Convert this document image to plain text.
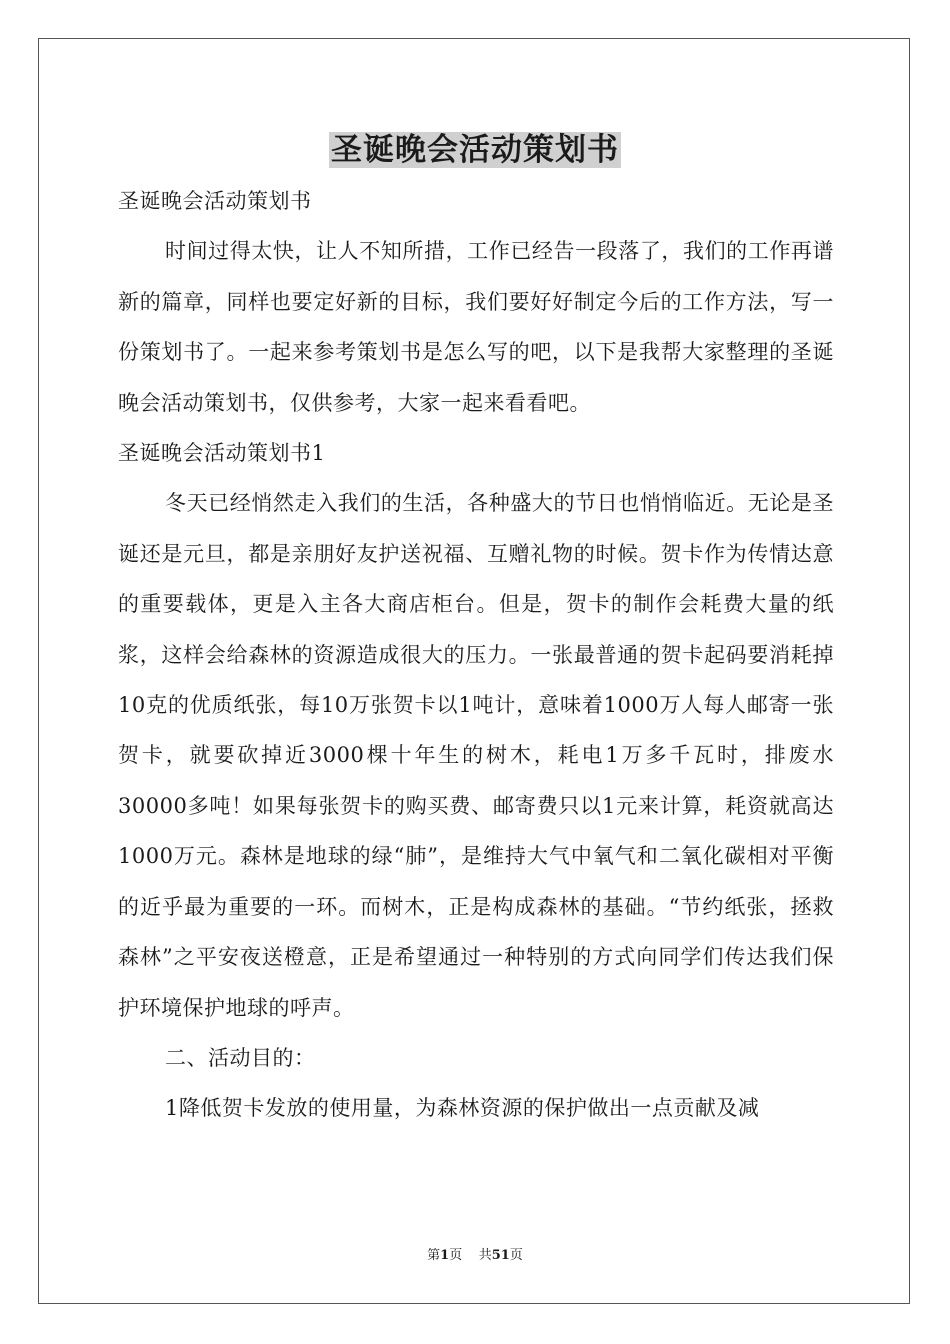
圣诞晚会活动策划书

圣诞晚会活动策划书

时间过得太快，让人不知所措，工作已经告一段落了，我们的工作再谱新的篇章，同样也要定好新的目标，我们要好好制定今后的工作方法，写一份策划书了。一起来参考策划书是怎么写的吧，以下是我帮大家整理的圣诞晚会活动策划书，仅供参考，大家一起来看看吧。

圣诞晚会活动策划书1

冬天已经悄然走入我们的生活，各种盛大的节日也悄悄临近。无论是圣诞还是元旦，都是亲朋好友护送祝福、互赠礼物的时候。贺卡作为传情达意的重要载体，更是入主各大商店柜台。但是，贺卡的制作会耗费大量的纸浆，这样会给森林的资源造成很大的压力。一张最普通的贺卡起码要消耗掉10克的优质纸张，每10万张贺卡以1吨计，意味着1000万人每人邮寄一张贺卡，就要砍掉近3000棵十年生的树木，耗电1万多千瓦时，排废水30000多吨！如果每张贺卡的购买费、邮寄费只以1元来计算，耗资就高达1000万元。森林是地球的绿“肺”，是维持大气中氧气和二氧化碳相对平衡的近乎最为重要的一环。而树木，正是构成森林的基础。“节约纸张，拯救森林”之平安夜送橙意，正是希望通过一种特别的方式向同学们传达我们保护环境保护地球的呼声。

二、活动目的：

1降低贺卡发放的使用量，为森林资源的保护做出一点贡献及减

第1页 共51页
